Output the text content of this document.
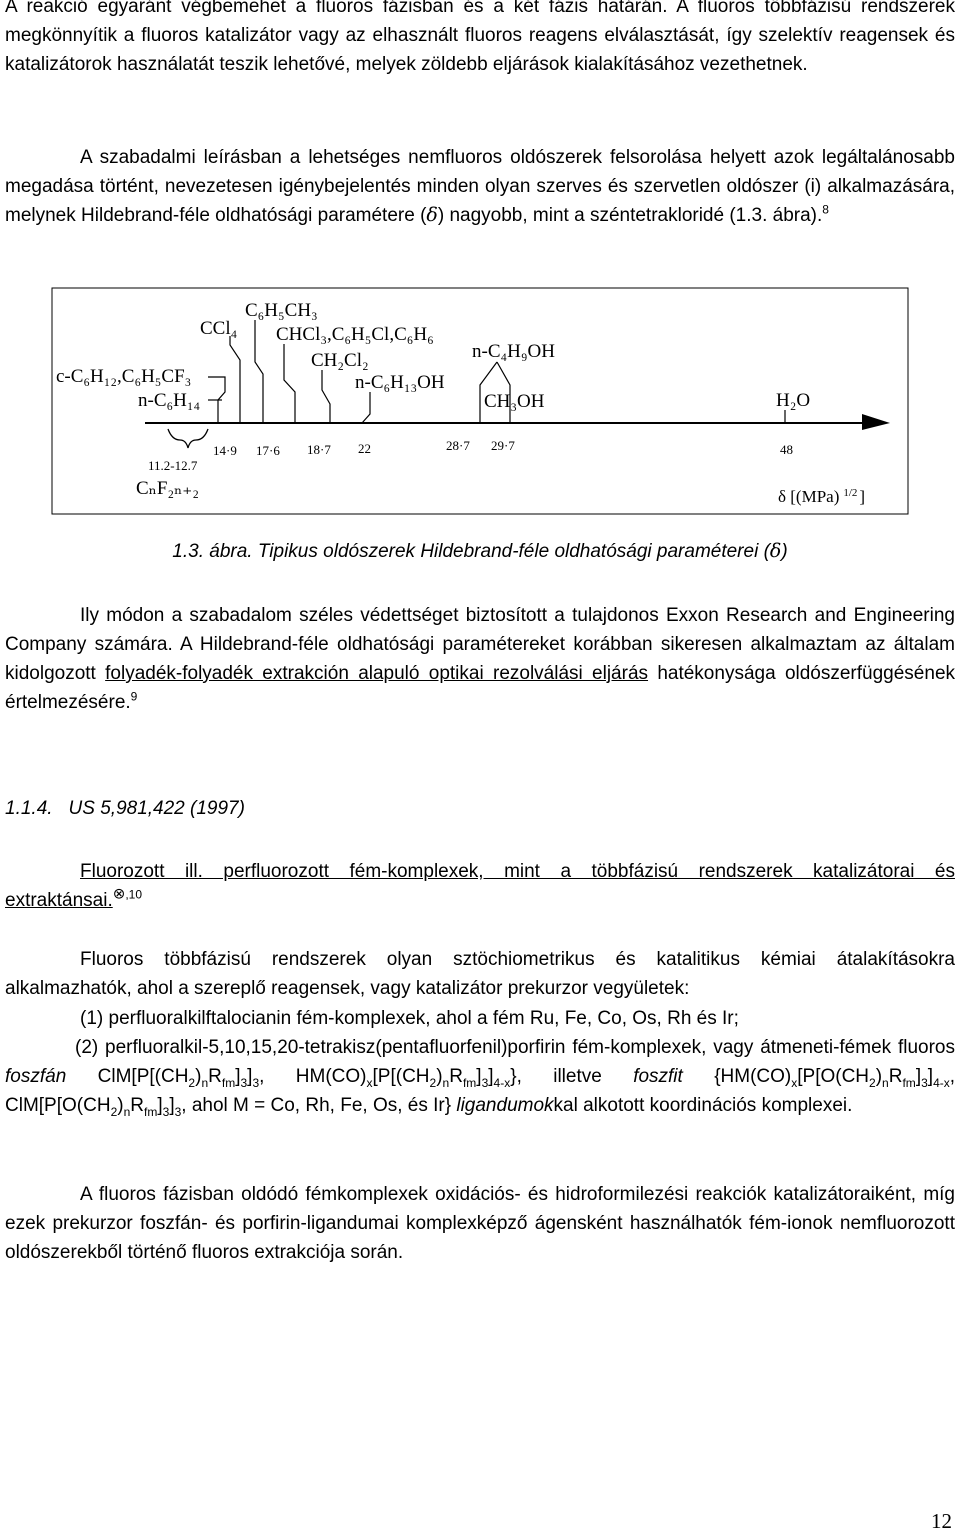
A reakció egyaránt végbemehet a fluoros fázisban és a két fázis határán. A fluoros többfázisú rendszerek megkönnyítik a fluoros katalizátor vagy az elhasznált fluoros reagens elválasztását, így szelektív reagensek és katalizátorok használatát teszik lehetővé, melyek zöldebb eljárások kialakításához vezethetnek.

A szabadalmi leírásban a lehetséges nemfluoros oldószerek felsorolása helyett azok legáltalánosabb megadása történt, nevezetesen igénybejelentés minden olyan szerves és szervetlen oldószer (i) alkalmazására, melynek Hildebrand-féle oldhatósági paramétere (δ) nagyobb, mint a széntetrakloridé (1.3. ábra).$^8$

c-C₆H₁₂,C₆H₅CF₃
n-C₆H₁₄
CCl₄
C₆H₅CH₃
CHCl₃,C₆H₅Cl,C₆H₆
CH₂Cl₂
n-C₆H₁₃OH
n-C₄H₉OH
CH₃OH	H₂O
14·9 17·6 18·7 22	28·7 29·7	48
11.2-12.7
CₙF₂ₙ₊₂	δ [(MPa) $^{1/2}$ ]
1.3. ábra. Tipikus oldószerek Hildebrand-féle oldhatósági paraméterei (δ)

Ily módon a szabadalom széles védettséget biztosított a tulajdonos Exxon Research and Engineering Company számára. A Hildebrand-féle oldhatósági paramétereket korábban sikeresen alkalmaztam az általam kidolgozott folyadék-folyadék extrakción alapuló optikai rezolválási eljárás hatékonysága oldószerfüggésének értelmezésére.$^9$

1.1.4. US 5,981,422 (1997)

Fluorozott ill. perfluorozott fém-komplexek, mint a többfázisú rendszerek katalizátorai és extraktánsai.$^{\otimes,10}$

Fluoros többfázisú rendszerek olyan sztöchiometrikus és katalitikus kémiai átalakításokra alkalmazhatók, ahol a szereplő reagensek, vagy katalizátor prekurzor vegyületek:

(1) perfluoralkilftalocianin fém-komplexek, ahol a fém Ru, Fe, Co, Os, Rh és Ir;

(2) perfluoralkil-5,10,15,20-tetrakisz(pentafluorfenil)porfirin fém-komplexek, vagy átmeneti-fémek fluoros foszfán $ClM[P[(CH_2)_nR_{fm}]_3]_3$, $HM(CO)_x[P[(CH_2)_nR_{fm}]_3]_{4-x}$}, illetve foszfit {$HM(CO)_x[P[O(CH_2)_nR_{fm}]_3]_{4-x}$, $ClM[P[O(CH_2)_nR_{fm}]_3]_3$, ahol M = Co, Rh, Fe, Os, és Ir} ligandumokkal alkotott koordinációs komplexei.

A fluoros fázisban oldódó fémkomplexek oxidációs- és hidroformilezési reakciók katalizátoraiként, míg ezek prekurzor foszfán- és porfirin-ligandumai komplexképző ágensként használhatók fém-ionok nemfluorozott oldószerekből történő fluoros extrakciója során.

12
